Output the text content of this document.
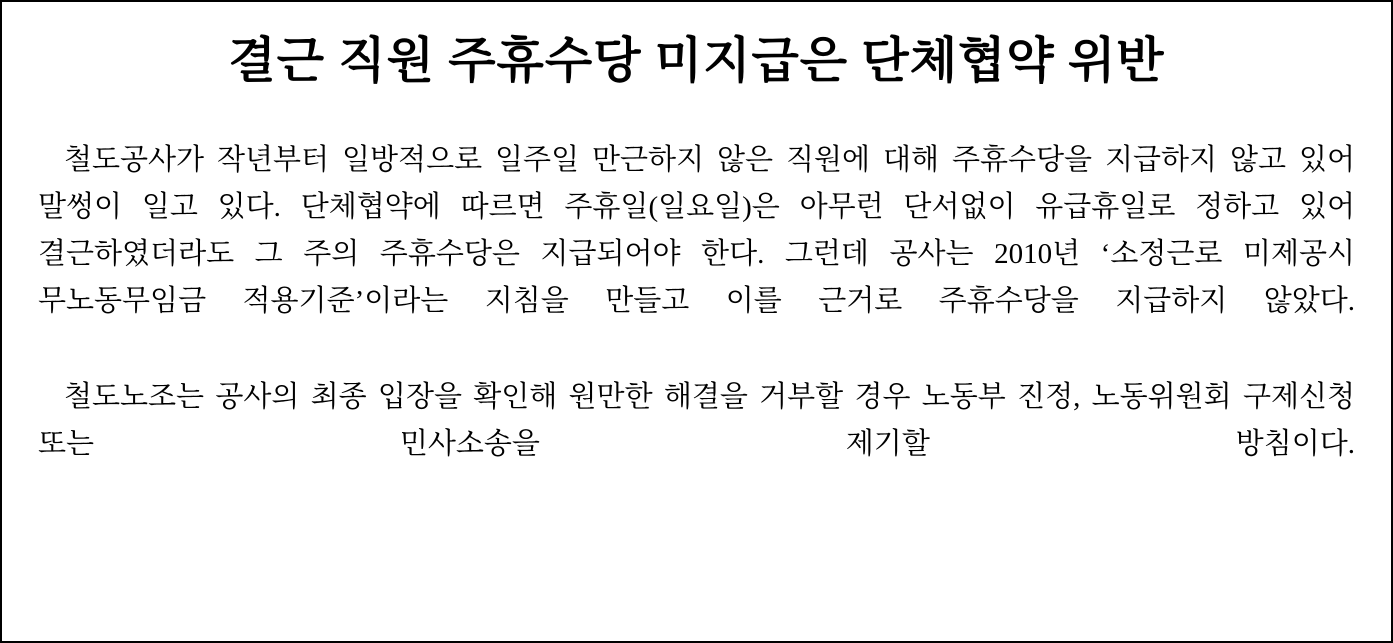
결근 직원 주휴수당 미지급은 단체협약 위반

철도공사가 작년부터 일방적으로 일주일 만근하지 않은 직원에 대해 주휴수당을 지급하지 않고 있어 말썽이 일고 있다. 단체협약에 따르면 주휴일(일요일)은 아무런 단서없이 유급휴일로 정하고 있어 결근하였더라도 그 주의 주휴수당은 지급되어야 한다. 그런데 공사는 2010년 ‘소정근로 미제공시 무노동무임금 적용기준’이라는 지침을 만들고 이를 근거로 주휴수당을 지급하지 않았다.

철도노조는 공사의 최종 입장을 확인해 원만한 해결을 거부할 경우 노동부 진정, 노동위원회 구제신청 또는 민사소송을 제기할 방침이다.
